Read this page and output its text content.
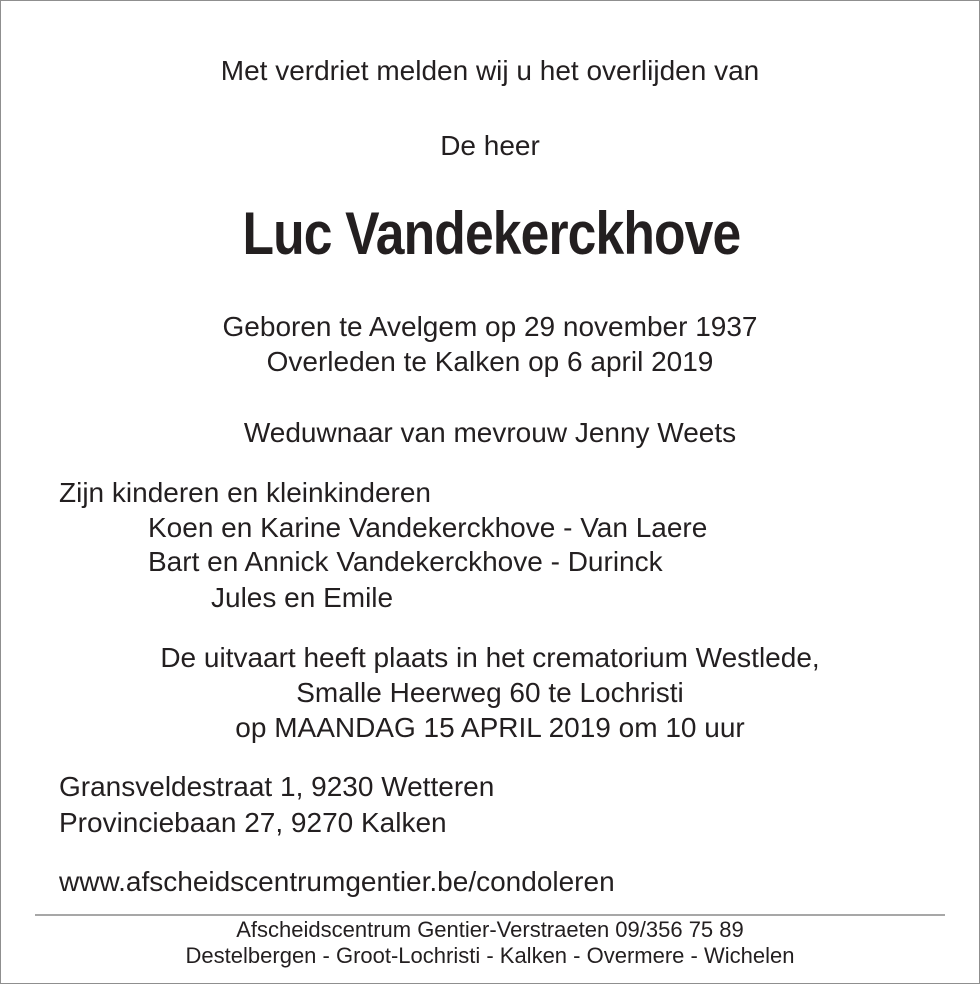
Met verdriet melden wij u het overlijden van
De heer
Luc Vandekerckhove
Geboren te Avelgem op 29 november 1937
Overleden te Kalken op 6 april 2019
Weduwnaar van mevrouw Jenny Weets
Zijn kinderen en kleinkinderen
Koen en Karine Vandekerckhove - Van Laere
Bart en Annick Vandekerckhove - Durinck
Jules en Emile
De uitvaart heeft plaats in het crematorium Westlede,
Smalle Heerweg 60 te Lochristi
op MAANDAG 15 APRIL 2019 om 10 uur
Gransveldestraat 1, 9230 Wetteren
Provinciebaan 27, 9270 Kalken
www.afscheidscentrumgentier.be/condoleren
Afscheidscentrum Gentier-Verstraeten 09/356 75 89
Destelbergen - Groot-Lochristi - Kalken - Overmere - Wichelen
